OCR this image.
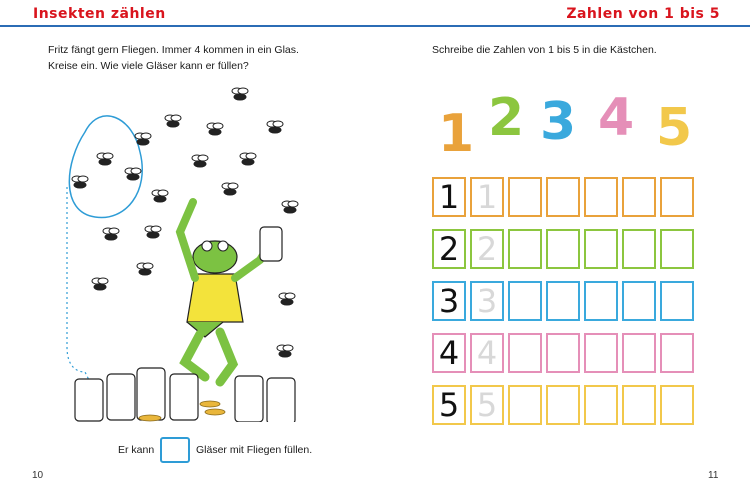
Insekten zählen
Fritz fängt gern Fliegen. Immer 4 kommen in ein Glas.
Kreise ein. Wie viele Gläser kann er füllen?
Er kann	Gläser mit Fliegen füllen.
10
Zahlen von 1 bis 5
Schreibe die Zahlen von 1 bis 5 in die Kästchen.
1 2 3 4 5
1 1
2 2
3 3
4 4
5 5
11
